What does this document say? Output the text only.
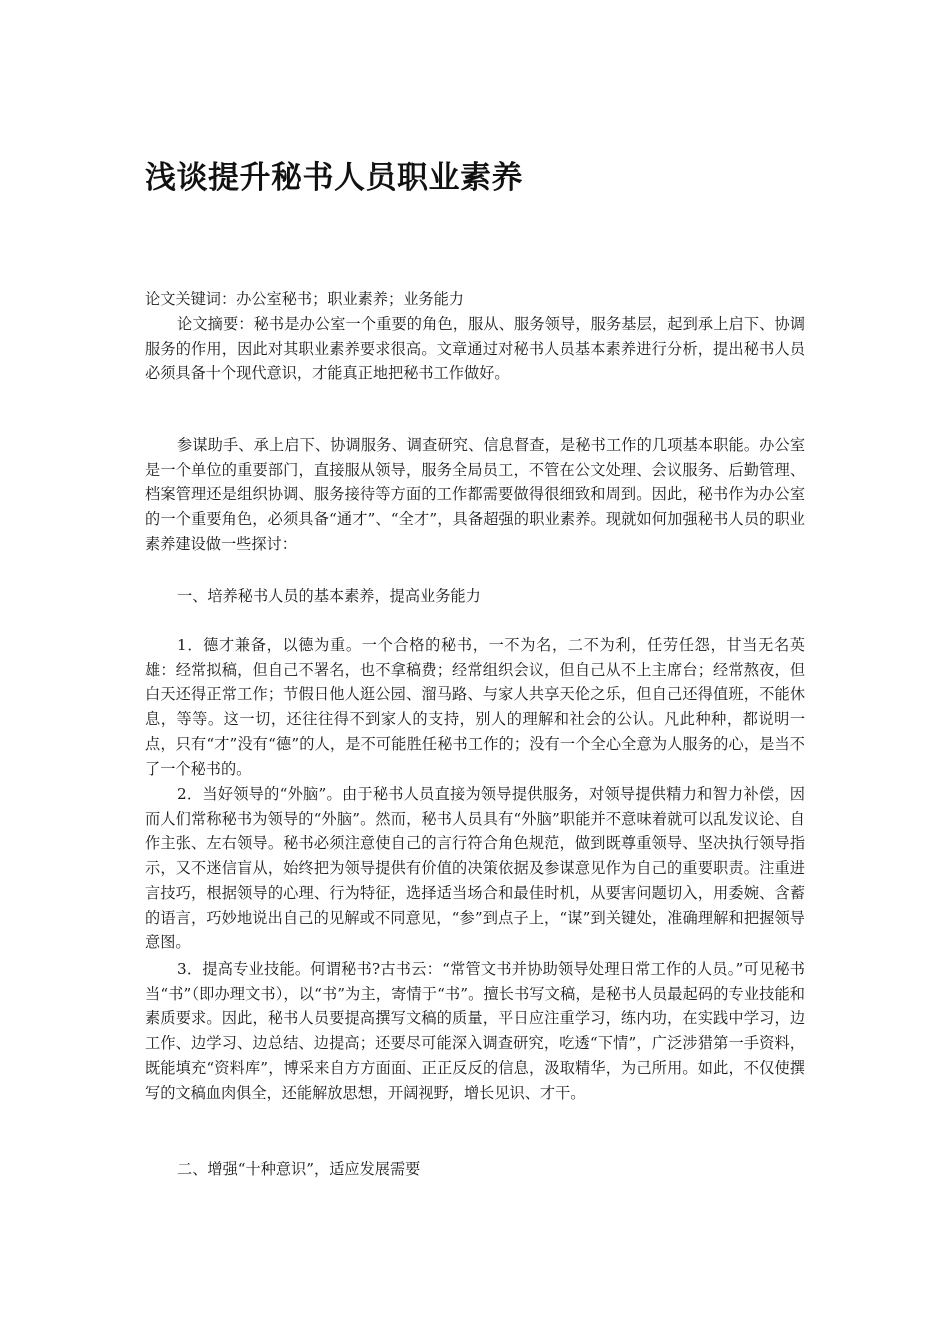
浅谈提升秘书人员职业素养

论文关键词：办公室秘书；职业素养；业务能力

论文摘要：秘书是办公室一个重要的角色，服从、服务领导，服务基层，起到承上启下、协调服务的作用，因此对其职业素养要求很高。文章通过对秘书人员基本素养进行分析，提出秘书人员必须具备十个现代意识，才能真正地把秘书工作做好。

参谋助手、承上启下、协调服务、调查研究、信息督查，是秘书工作的几项基本职能。办公室是一个单位的重要部门，直接服从领导，服务全局员工，不管在公文处理、会议服务、后勤管理、档案管理还是组织协调、服务接待等方面的工作都需要做得很细致和周到。因此，秘书作为办公室的一个重要角色，必须具备“通才”、“全才”，具备超强的职业素养。现就如何加强秘书人员的职业素养建设做一些探讨：

一、培养秘书人员的基本素养，提高业务能力

1．德才兼备，以德为重。一个合格的秘书，一不为名，二不为利，任劳任怨，甘当无名英雄：经常拟稿，但自己不署名，也不拿稿费；经常组织会议，但自己从不上主席台；经常熬夜，但白天还得正常工作；节假日他人逛公园、溜马路、与家人共享天伦之乐，但自己还得值班，不能休息，等等。这一切，还往往得不到家人的支持，别人的理解和社会的公认。凡此种种，都说明一点，只有“才”没有“德”的人，是不可能胜任秘书工作的；没有一个全心全意为人服务的心，是当不了一个秘书的。

2．当好领导的“外脑”。由于秘书人员直接为领导提供服务，对领导提供精力和智力补偿，因而人们常称秘书为领导的“外脑”。然而，秘书人员具有“外脑”职能并不意味着就可以乱发议论、自作主张、左右领导。秘书必须注意使自己的言行符合角色规范，做到既尊重领导、坚决执行领导指示，又不迷信盲从，始终把为领导提供有价值的决策依据及参谋意见作为自己的重要职责。注重进言技巧，根据领导的心理、行为特征，选择适当场合和最佳时机，从要害问题切入，用委婉、含蓄的语言，巧妙地说出自己的见解或不同意见，“参”到点子上，“谋”到关键处，准确理解和把握领导意图。

3．提高专业技能。何谓秘书?古书云：“常管文书并协助领导处理日常工作的人员。”可见秘书当“书”（即办理文书），以“书”为主，寄情于“书”。擅长书写文稿，是秘书人员最起码的专业技能和素质要求。因此，秘书人员要提高撰写文稿的质量，平日应注重学习，练内功，在实践中学习，边工作、边学习、边总结、边提高；还要尽可能深入调查研究，吃透“下情”，广泛涉猎第一手资料，既能填充“资料库”，博采来自方方面面、正正反反的信息，汲取精华，为己所用。如此，不仅使撰写的文稿血肉俱全，还能解放思想，开阔视野，增长见识、才干。

二、增强“十种意识”，适应发展需要
